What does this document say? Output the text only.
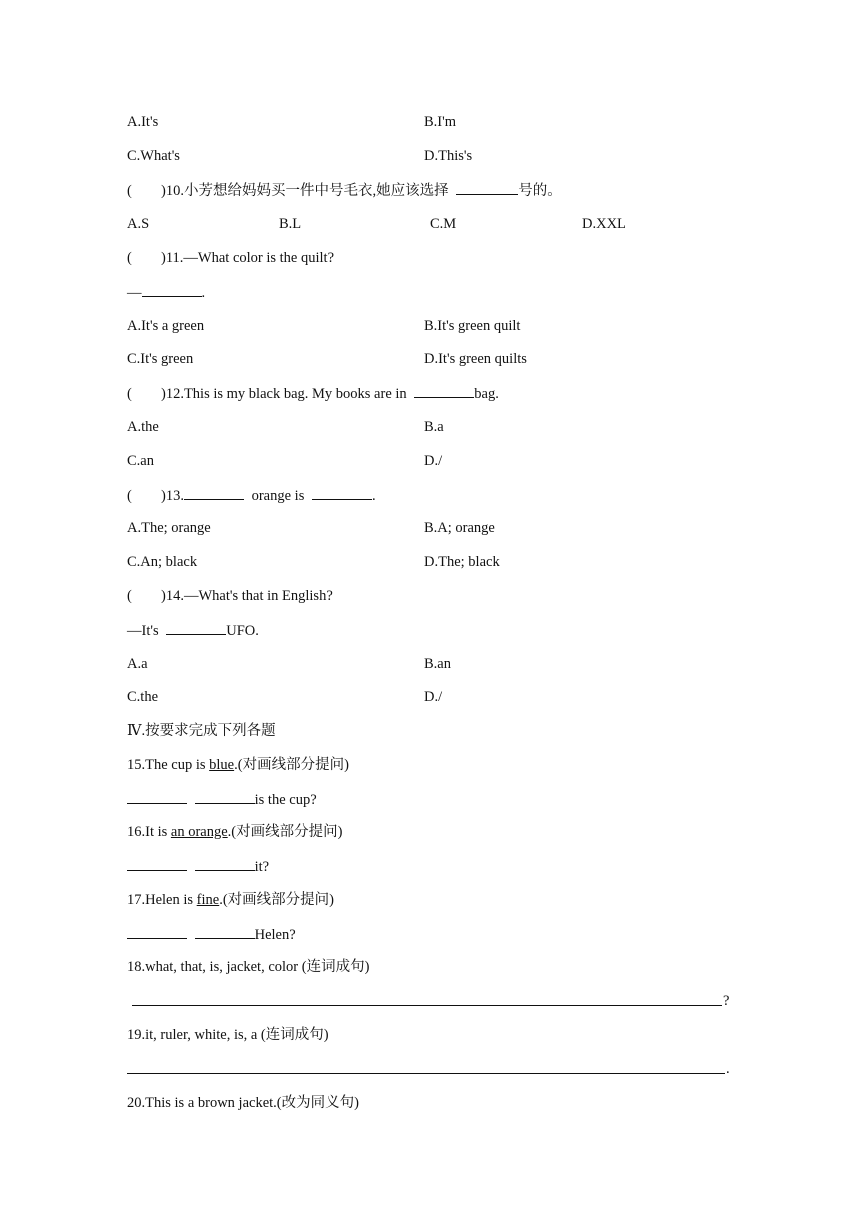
A.It's	B.I'm
C.What's	D.This's
( )10.小芳想给妈妈买一件中号毛衣,她应该选择	号的。
A.S	B.L	C.M	D.XXL
( )11.—What color is the quilt?
—	.
A.It's a green	B.It's green quilt
C.It's green	D.It's green quilts
( )12.This is my black bag. My books are in	bag.
A.the	B.a
C.an	D./
( )13.	orange is	.
A.The; orange	B.A; orange
C.An; black	D.The; black
( )14.—What's that in English?
—It's	UFO.
A.a	B.an
C.the	D./
Ⅳ.按要求完成下列各题
15.The cup is blue.(对画线部分提问)
is the cup?
16.It is an orange.(对画线部分提问)
it?
17.Helen is fine.(对画线部分提问)
Helen?
18.what, that, is, jacket, color (连词成句)
?
19.it, ruler, white, is, a (连词成句)
.
20.This is a brown jacket.(改为同义句)
